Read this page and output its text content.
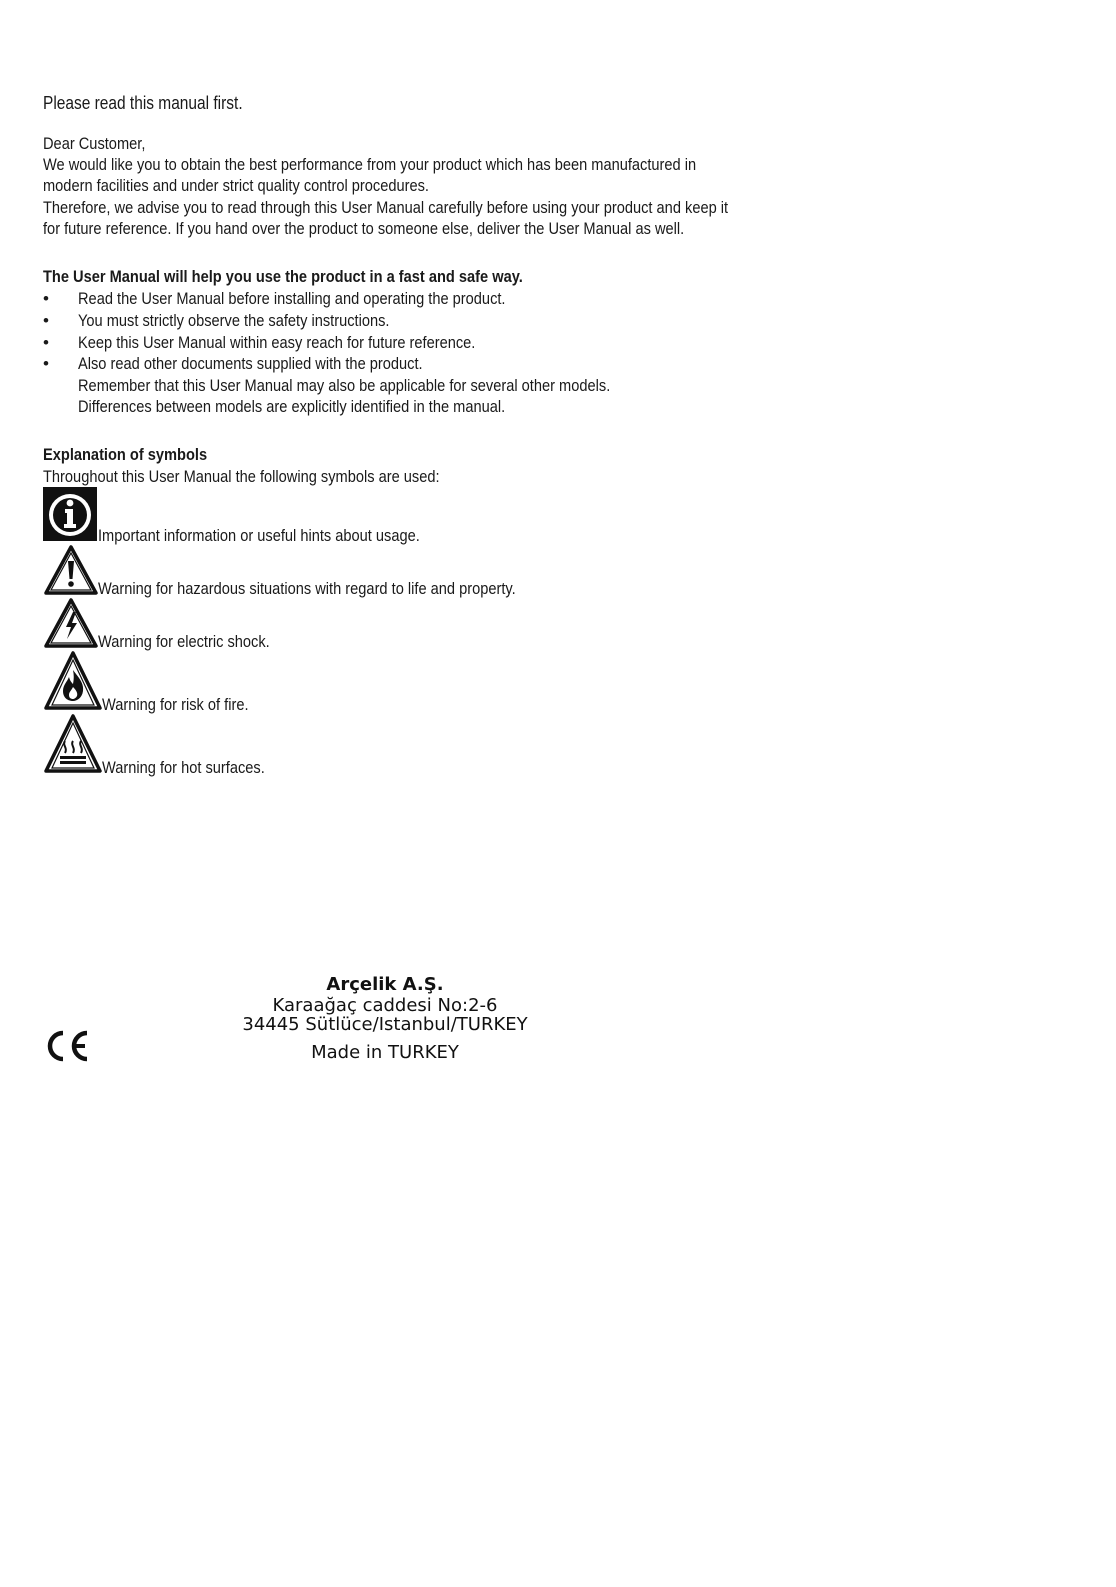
Please read this manual first.
Dear Customer,
We would like you to obtain the best performance from your product which has been manufactured in
modern facilities and under strict quality control procedures.
Therefore, we advise you to read through this User Manual carefully before using your product and keep it
for future reference. If you hand over the product to someone else, deliver the User Manual as well.
The User Manual will help you use the product in a fast and safe way.
•	Read the User Manual before installing and operating the product.
•	You must strictly observe the safety instructions.
•	Keep this User Manual within easy reach for future reference.
•	Also read other documents supplied with the product.
Remember that this User Manual may also be applicable for several other models.
Differences between models are explicitly identified in the manual.
Explanation of symbols
Throughout this User Manual the following symbols are used:
Important information or useful hints about usage.
Warning for hazardous situations with regard to life and property.
Warning for electric shock.
Warning for risk of fire.
Warning for hot surfaces.
Arçelik A.Ş.
Karaağaç caddesi No:2-6
34445 Sütlüce/Istanbul/TURKEY
Made in TURKEY
